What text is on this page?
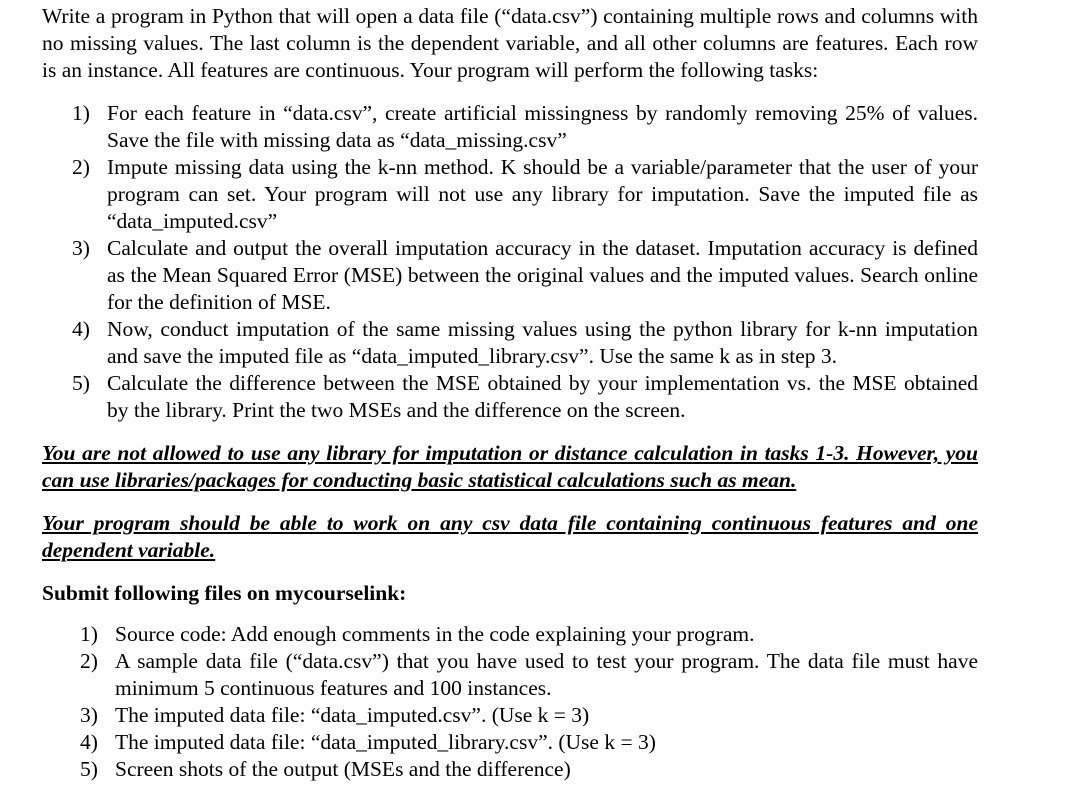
Write a program in Python that will open a data file (“data.csv”) containing multiple rows and columns with no missing values. The last column is the dependent variable, and all other columns are features. Each row is an instance. All features are continuous. Your program will perform the following tasks:

1) For each feature in “data.csv”, create artificial missingness by randomly removing 25% of values. Save the file with missing data as “data_missing.csv”
2) Impute missing data using the k-nn method. K should be a variable/parameter that the user of your program can set. Your program will not use any library for imputation. Save the imputed file as “data_imputed.csv”
3) Calculate and output the overall imputation accuracy in the dataset. Imputation accuracy is defined as the Mean Squared Error (MSE) between the original values and the imputed values. Search online for the definition of MSE.
4) Now, conduct imputation of the same missing values using the python library for k-nn imputation and save the imputed file as “data_imputed_library.csv”. Use the same k as in step 3.
5) Calculate the difference between the MSE obtained by your implementation vs. the MSE obtained by the library. Print the two MSEs and the difference on the screen.

You are not allowed to use any library for imputation or distance calculation in tasks 1-3. However, you can use libraries/packages for conducting basic statistical calculations such as mean.

Your program should be able to work on any csv data file containing continuous features and one dependent variable.

Submit following files on mycourselink:

1) Source code: Add enough comments in the code explaining your program.
2) A sample data file (“data.csv”) that you have used to test your program. The data file must have minimum 5 continuous features and 100 instances.
3) The imputed data file: “data_imputed.csv”. (Use k = 3)
4) The imputed data file: “data_imputed_library.csv”. (Use k = 3)
5) Screen shots of the output (MSEs and the difference)
